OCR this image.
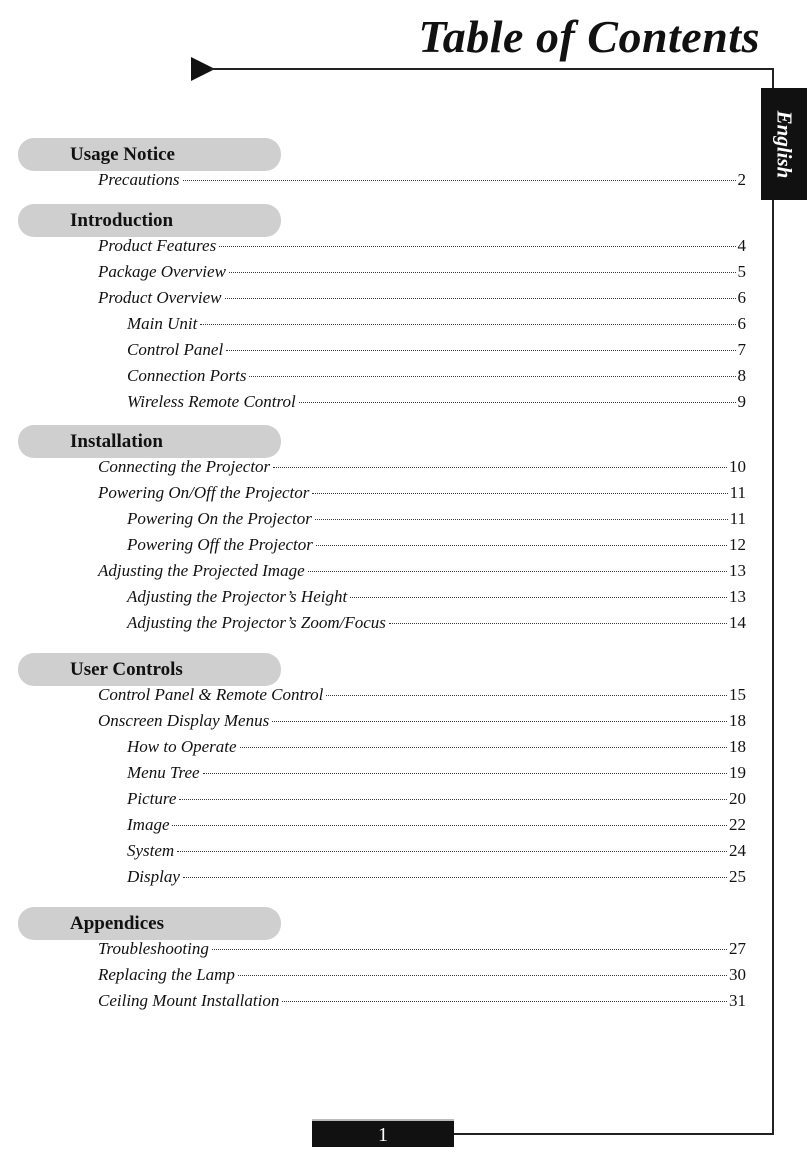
Table of Contents
English
1
Usage Notice
Precautions	2
Introduction
Product Features	4
Package Overview	5
Product Overview	6
Main Unit	6
Control Panel	7
Connection Ports	8
Wireless Remote Control	9
Installation
Connecting the Projector	10
Powering On/Off the Projector	11
Powering On the Projector	11
Powering Off the Projector	12
Adjusting the Projected Image	13
Adjusting the Projector’s Height	13
Adjusting the Projector’s Zoom/Focus	14
User Controls
Control Panel & Remote Control	15
Onscreen Display Menus	18
How to Operate	18
Menu Tree	19
Picture	20
Image	22
System	24
Display	25
Appendices
Troubleshooting	27
Replacing the Lamp	30
Ceiling Mount Installation	31
